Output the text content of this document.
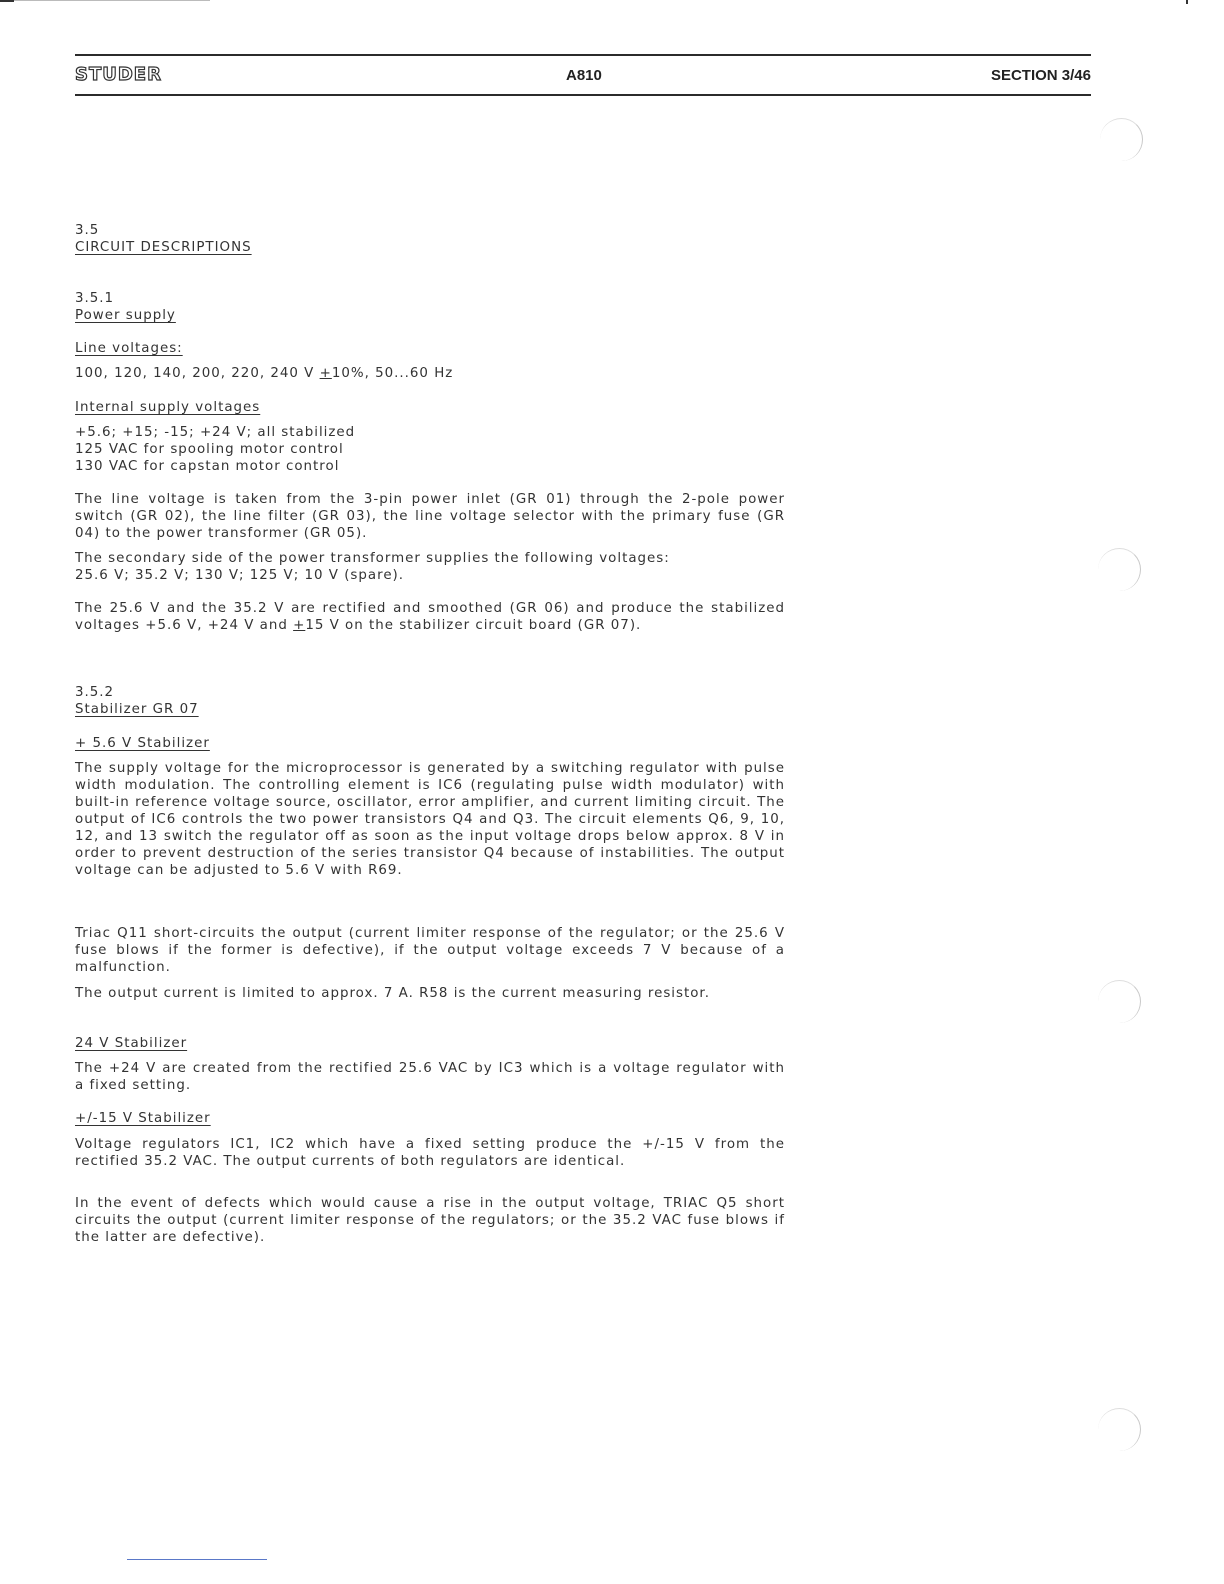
STUDER	A810	SECTION 3/46
3.5
CIRCUIT DESCRIPTIONS
3.5.1
Power supply
Line voltages:
100, 120, 140, 200, 220, 240 V +10%, 50...60 Hz
Internal supply voltages
+5.6; +15; -15; +24 V; all stabilized
125 VAC for spooling motor control
130 VAC for capstan motor control
The line voltage is taken from the 3-pin power inlet (GR 01) through the 2-pole power switch (GR 02), the line filter (GR 03), the line voltage selector with the primary fuse (GR 04) to the power transformer (GR 05).
The secondary side of the power transformer supplies the following voltages:
25.6 V; 35.2 V; 130 V; 125 V; 10 V (spare).
The 25.6 V and the 35.2 V are rectified and smoothed (GR 06) and produce the stabilized voltages +5.6 V, +24 V and +15 V on the stabilizer circuit board (GR 07).
3.5.2
Stabilizer GR 07
+ 5.6 V Stabilizer
The supply voltage for the microprocessor is generated by a switching regulator with pulse width modulation. The controlling element is IC6 (regulating pulse width modulator) with built-in reference voltage source, oscillator, error amplifier, and current limiting circuit. The output of IC6 controls the two power transistors Q4 and Q3. The circuit elements Q6, 9, 10, 12, and 13 switch the regulator off as soon as the input voltage drops below approx. 8 V in order to prevent destruction of the series transistor Q4 because of instabilities. The output voltage can be adjusted to 5.6 V with R69.
Triac Q11 short-circuits the output (current limiter response of the regulator; or the 25.6 V fuse blows if the former is defective), if the output voltage exceeds 7 V because of a malfunction.
The output current is limited to approx. 7 A. R58 is the current measuring resistor.
24 V Stabilizer
The +24 V are created from the rectified 25.6 VAC by IC3 which is a voltage regulator with a fixed setting.
+/-15 V Stabilizer
Voltage regulators IC1, IC2 which have a fixed setting produce the +/-15 V from the rectified 35.2 VAC. The output currents of both regulators are identical.
In the event of defects which would cause a rise in the output voltage, TRIAC Q5 short circuits the output (current limiter response of the regulators; or the 35.2 VAC fuse blows if the latter are defective).
